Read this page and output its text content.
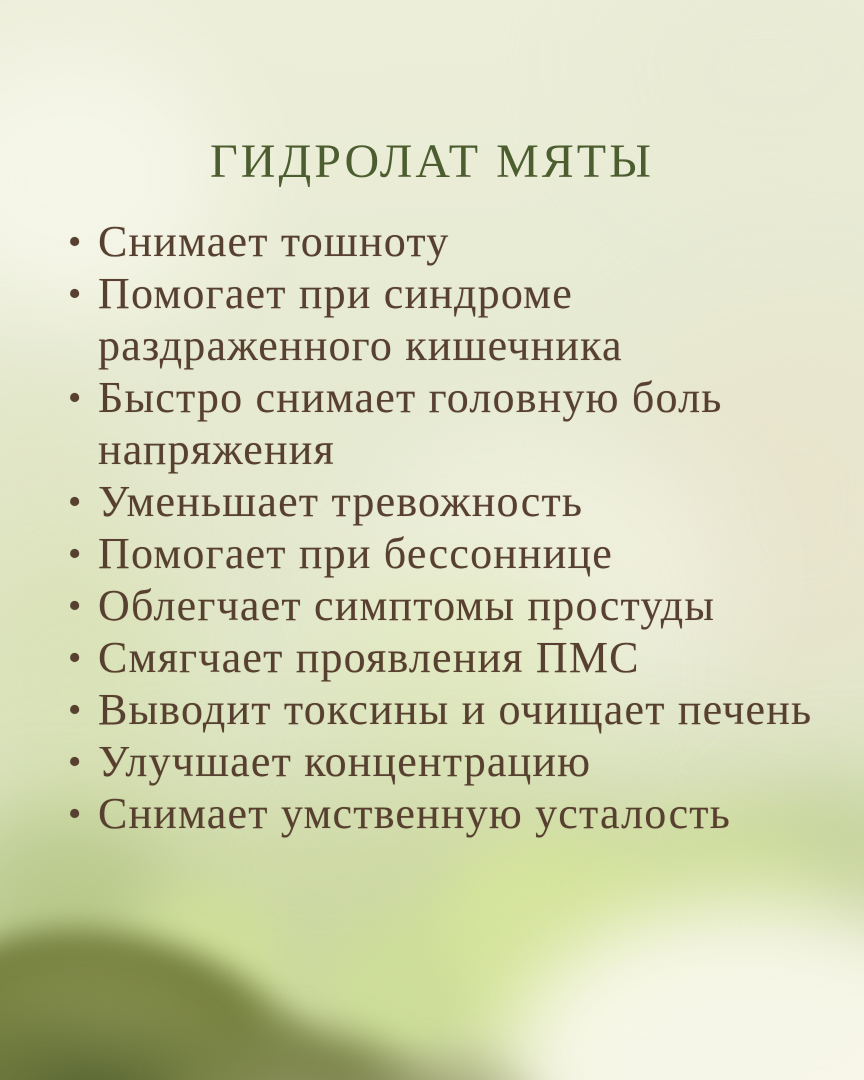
ГИДРОЛАТ МЯТЫ
• Снимает тошноту
• Помогает при синдроме
раздраженного кишечника
• Быстро снимает головную боль
напряжения
• Уменьшает тревожность
• Помогает при бессоннице
• Облегчает симптомы простуды
• Смягчает проявления ПМС
• Выводит токсины и очищает печень
• Улучшает концентрацию
• Снимает умственную усталость
